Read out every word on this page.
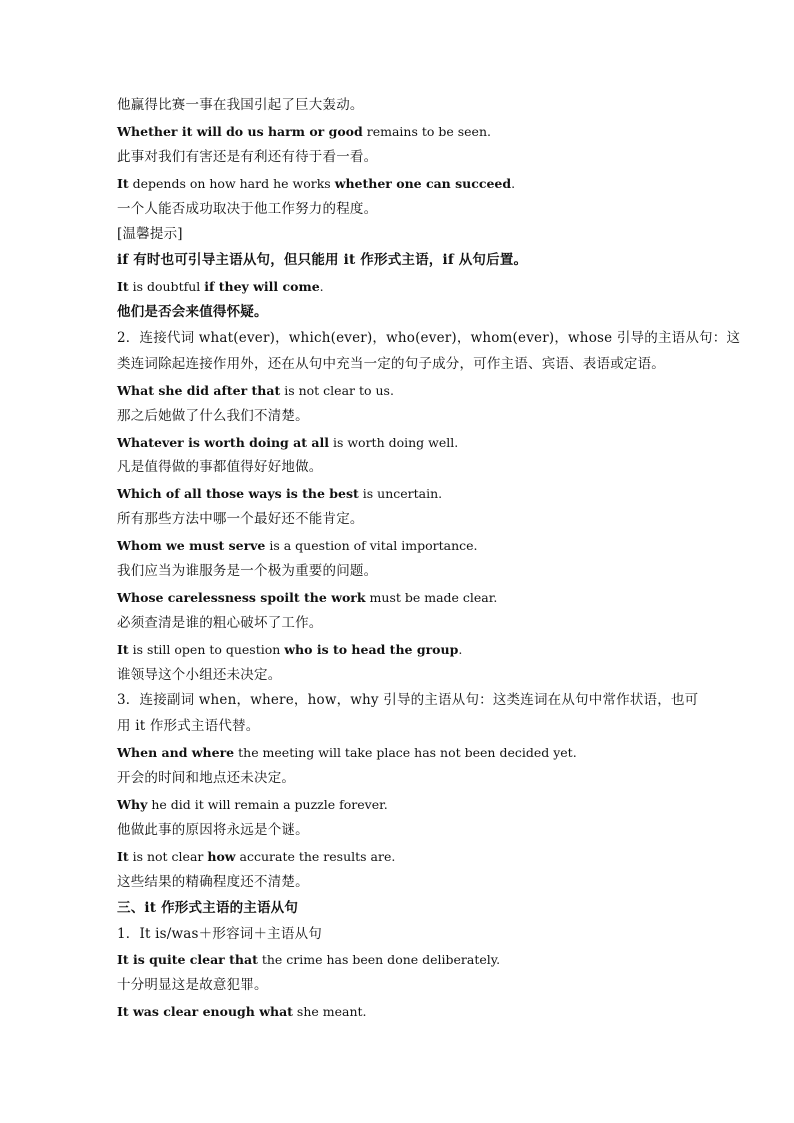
他赢得比赛一事在我国引起了巨大轰动。
Whether it will do us harm or good remains to be seen.
此事对我们有害还是有利还有待于看一看。
It depends on how hard he works whether one can succeed.
一个人能否成功取决于他工作努力的程度。
[温馨提示]
if 有时也可引导主语从句，但只能用 it 作形式主语，if 从句后置。
It is doubtful if they will come.
他们是否会来值得怀疑。
2．连接代词 what(ever)，which(ever)，who(ever)，whom(ever)，whose 引导的主语从句：这
类连词除起连接作用外，还在从句中充当一定的句子成分，可作主语、宾语、表语或定语。
What she did after that is not clear to us.
那之后她做了什么我们不清楚。
Whatever is worth doing at all is worth doing well.
凡是值得做的事都值得好好地做。
Which of all those ways is the best is uncertain.
所有那些方法中哪一个最好还不能肯定。
Whom we must serve is a question of vital importance.
我们应当为谁服务是一个极为重要的问题。
Whose carelessness spoilt the work must be made clear.
必须查清是谁的粗心破坏了工作。
It is still open to question who is to head the group.
谁领导这个小组还未决定。
3．连接副词 when，where，how，why 引导的主语从句：这类连词在从句中常作状语，也可
用 it 作形式主语代替。
When and where the meeting will take place has not been decided yet.
开会的时间和地点还未决定。
Why he did it will remain a puzzle forever.
他做此事的原因将永远是个谜。
It is not clear how accurate the results are.
这些结果的精确程度还不清楚。
三、it 作形式主语的主语从句
1．It is/was＋形容词＋主语从句
It is quite clear that the crime has been done deliberately.
十分明显这是故意犯罪。
It was clear enough what she meant.
